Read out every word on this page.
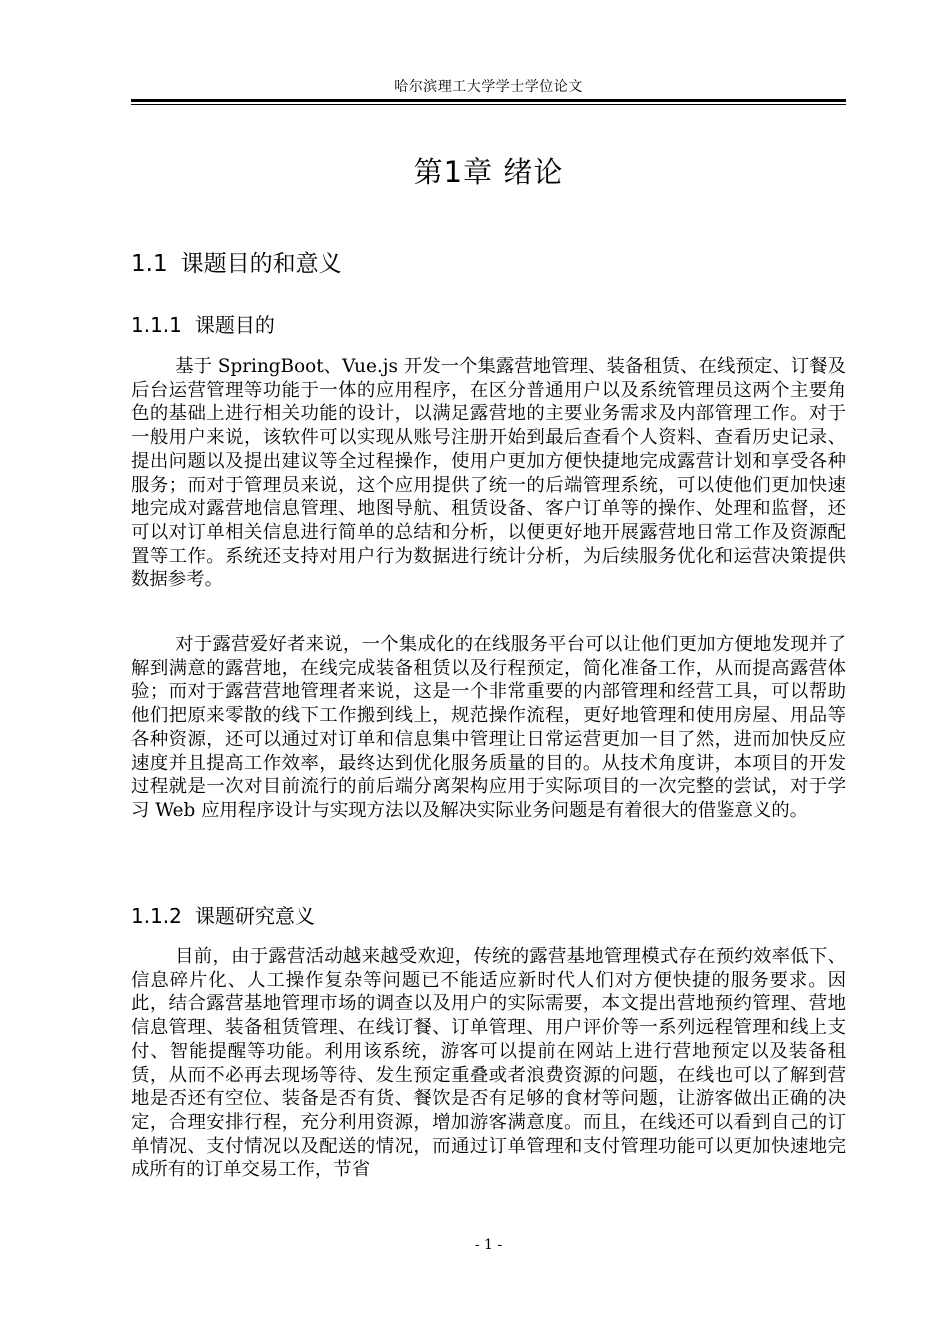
哈尔滨理工大学学士学位论文
第1章 绪论
1.1 课题目的和意义
1.1.1 课题目的

基于 SpringBoot、Vue.js 开发一个集露营地管理、装备租赁、在线预定、订餐及后台运营管理等功能于一体的应用程序，在区分普通用户以及系统管理员这两个主要角色的基础上进行相关功能的设计，以满足露营地的主要业务需求及内部管理工作。对于一般用户来说，该软件可以实现从账号注册开始到最后查看个人资料、查看历史记录、提出问题以及提出建议等全过程操作，使用户更加方便快捷地完成露营计划和享受各种服务；而对于管理员来说，这个应用提供了统一的后端管理系统，可以使他们更加快速地完成对露营地信息管理、地图导航、租赁设备、客户订单等的操作、处理和监督，还可以对订单相关信息进行简单的总结和分析，以便更好地开展露营地日常工作及资源配置等工作。系统还支持对用户行为数据进行统计分析，为后续服务优化和运营决策提供数据参考。

对于露营爱好者来说，一个集成化的在线服务平台可以让他们更加方便地发现并了解到满意的露营地，在线完成装备租赁以及行程预定，简化准备工作，从而提高露营体验；而对于露营营地管理者来说，这是一个非常重要的内部管理和经营工具，可以帮助他们把原来零散的线下工作搬到线上，规范操作流程，更好地管理和使用房屋、用品等各种资源，还可以通过对订单和信息集中管理让日常运营更加一目了然，进而加快反应速度并且提高工作效率，最终达到优化服务质量的目的。从技术角度讲，本项目的开发过程就是一次对目前流行的前后端分离架构应用于实际项目的一次完整的尝试，对于学习 Web 应用程序设计与实现方法以及解决实际业务问题是有着很大的借鉴意义的。

1.1.2 课题研究意义

目前，由于露营活动越来越受欢迎，传统的露营基地管理模式存在预约效率低下、信息碎片化、人工操作复杂等问题已不能适应新时代人们对方便快捷的服务要求。因此，结合露营基地管理市场的调查以及用户的实际需要，本文提出营地预约管理、营地信息管理、装备租赁管理、在线订餐、订单管理、用户评价等一系列远程管理和线上支付、智能提醒等功能。利用该系统，游客可以提前在网站上进行营地预定以及装备租赁，从而不必再去现场等待、发生预定重叠或者浪费资源的问题，在线也可以了解到营地是否还有空位、装备是否有货、餐饮是否有足够的食材等问题，让游客做出正确的决定，合理安排行程，充分利用资源，增加游客满意度。而且，在线还可以看到自己的订单情况、支付情况以及配送的情况，而通过订单管理和支付管理功能可以更加快速地完成所有的订单交易工作，节省

- 1 -
